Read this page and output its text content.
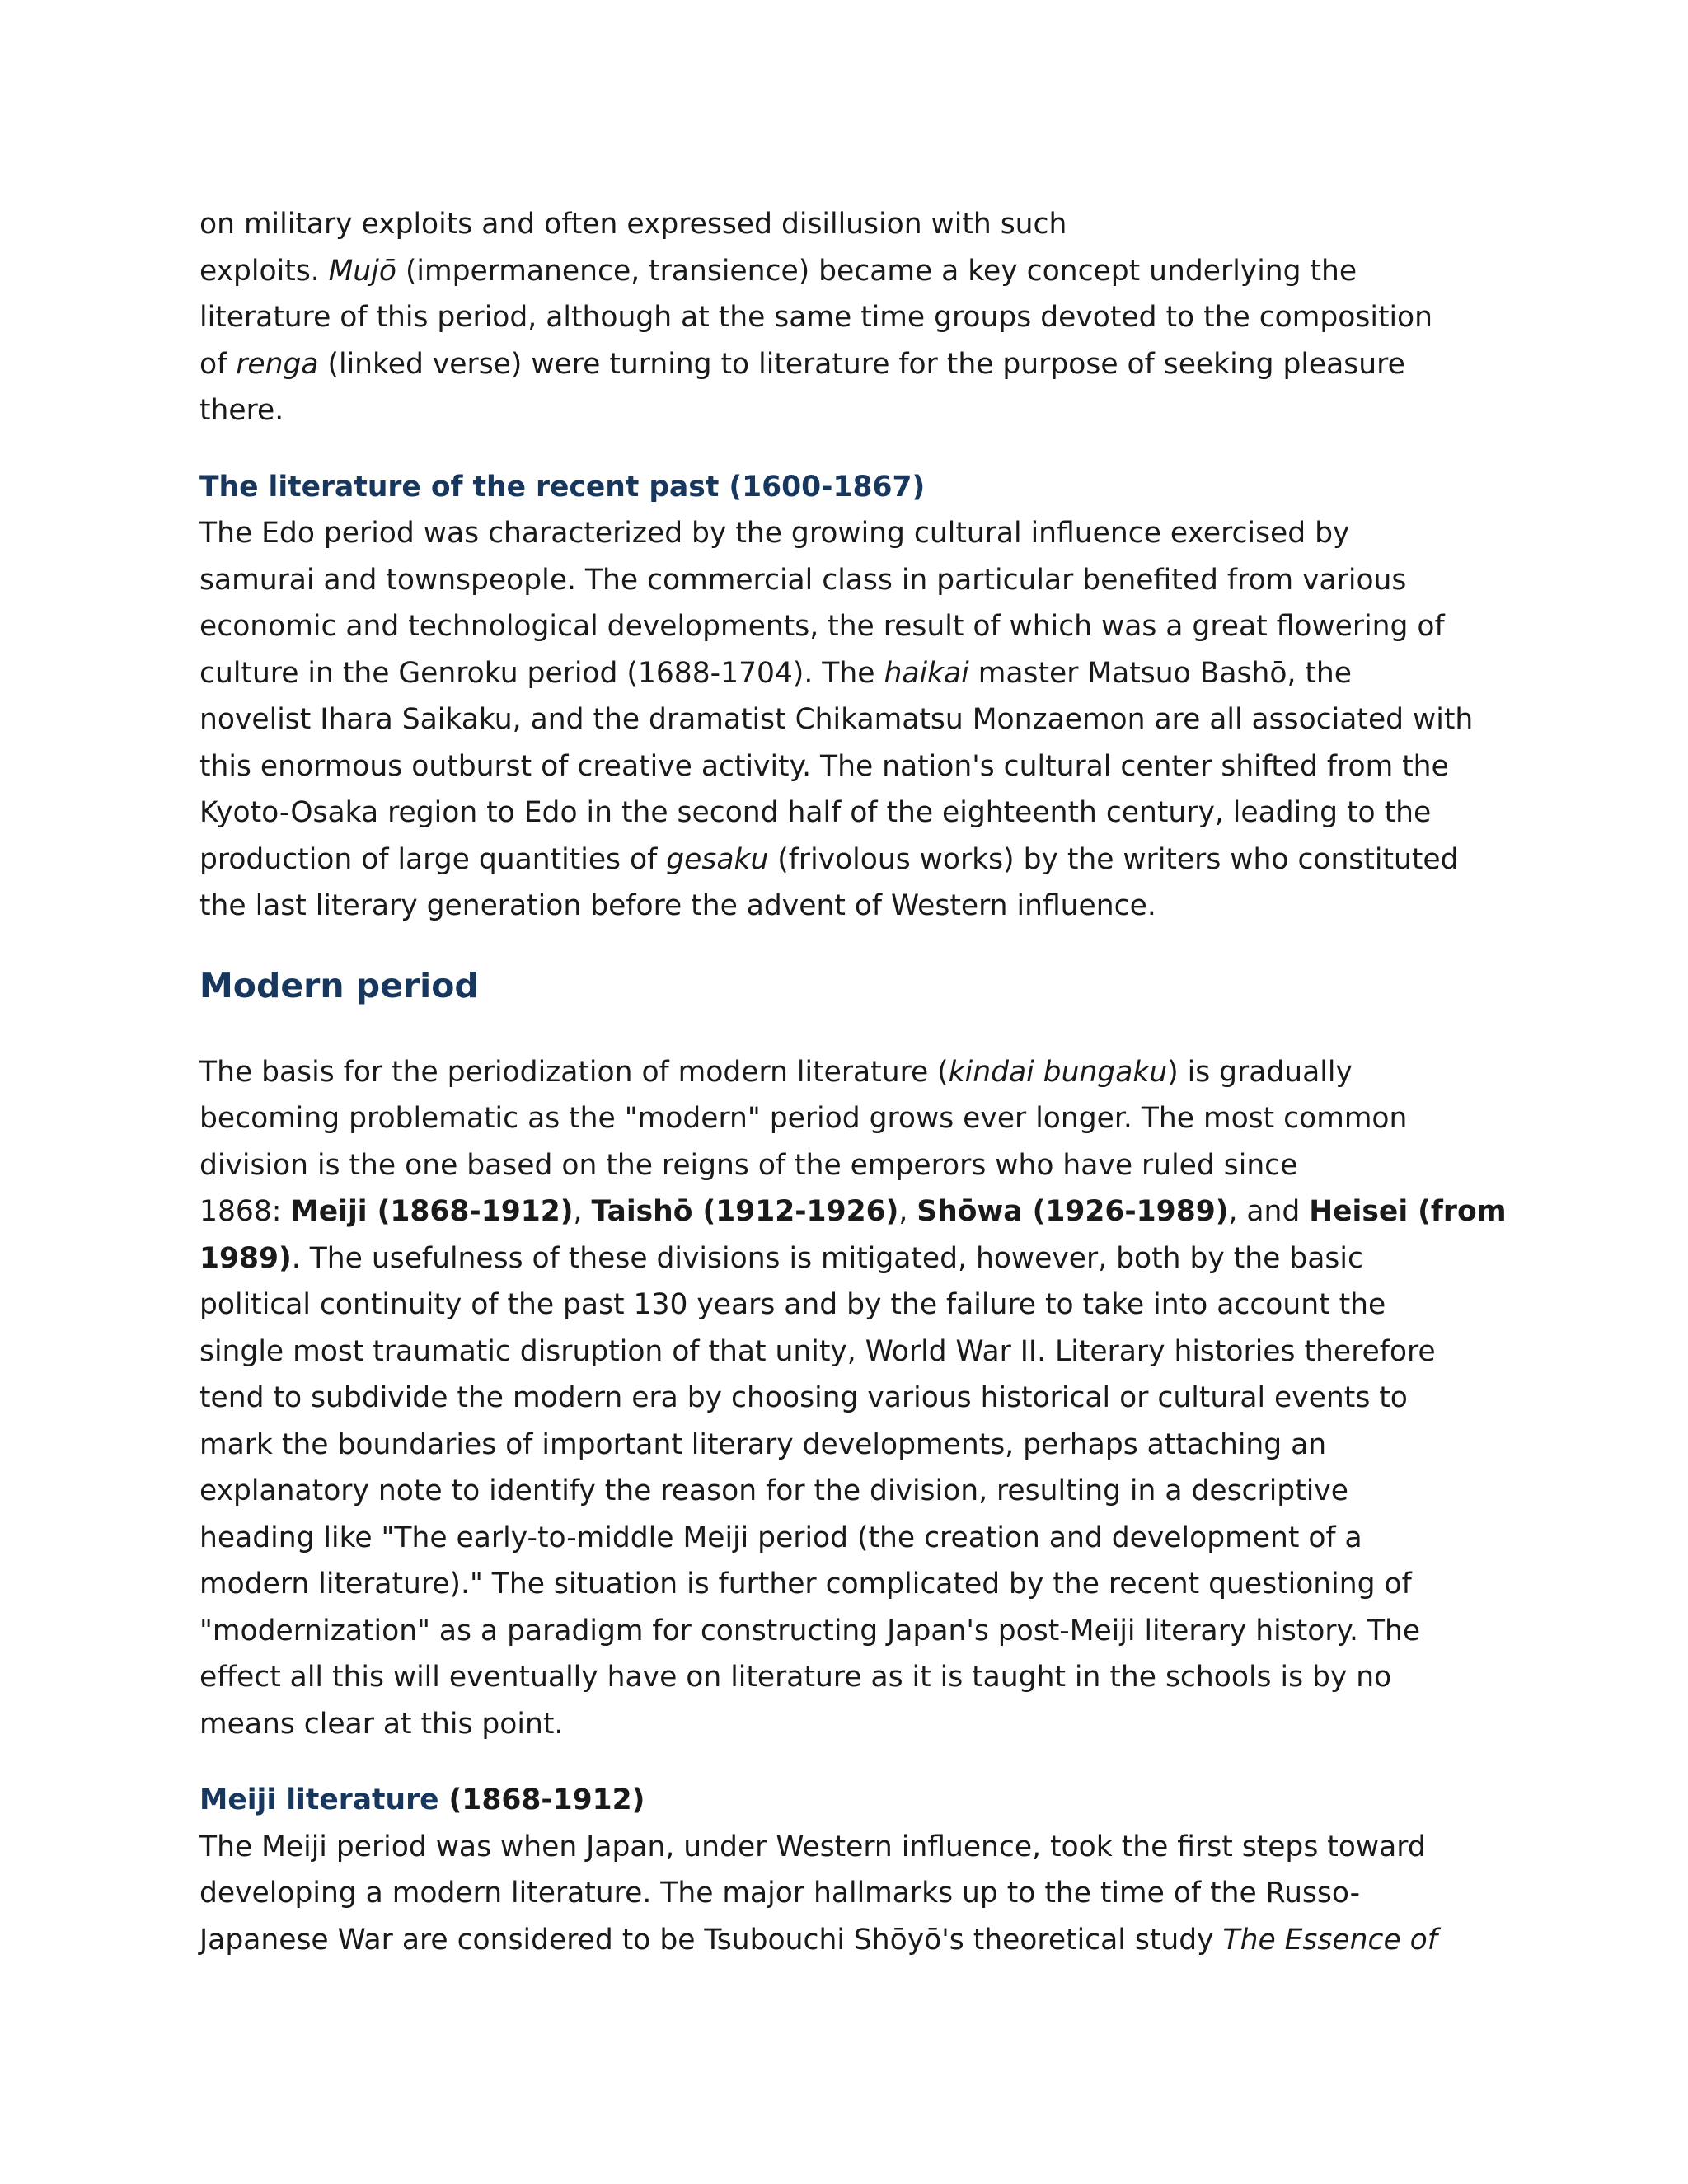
on military exploits and often expressed disillusion with such
exploits. Mujō (impermanence, transience) became a key concept underlying the
literature of this period, although at the same time groups devoted to the composition
of renga (linked verse) were turning to literature for the purpose of seeking pleasure
there.

The literature of the recent past (1600-1867)

The Edo period was characterized by the growing cultural influence exercised by
samurai and townspeople. The commercial class in particular benefited from various
economic and technological developments, the result of which was a great flowering of
culture in the Genroku period (1688-1704). The haikai master Matsuo Bashō, the
novelist Ihara Saikaku, and the dramatist Chikamatsu Monzaemon are all associated with
this enormous outburst of creative activity. The nation's cultural center shifted from the
Kyoto-Osaka region to Edo in the second half of the eighteenth century, leading to the
production of large quantities of gesaku (frivolous works) by the writers who constituted
the last literary generation before the advent of Western influence.

Modern period

The basis for the periodization of modern literature (kindai bungaku) is gradually
becoming problematic as the "modern" period grows ever longer. The most common
division is the one based on the reigns of the emperors who have ruled since
1868: Meiji (1868-1912), Taishō (1912-1926), Shōwa (1926-1989), and Heisei (from
1989). The usefulness of these divisions is mitigated, however, both by the basic
political continuity of the past 130 years and by the failure to take into account the
single most traumatic disruption of that unity, World War II. Literary histories therefore
tend to subdivide the modern era by choosing various historical or cultural events to
mark the boundaries of important literary developments, perhaps attaching an
explanatory note to identify the reason for the division, resulting in a descriptive
heading like "The early-to-middle Meiji period (the creation and development of a
modern literature)." The situation is further complicated by the recent questioning of
"modernization" as a paradigm for constructing Japan's post-Meiji literary history. The
effect all this will eventually have on literature as it is taught in the schools is by no
means clear at this point.

Meiji literature (1868-1912)

The Meiji period was when Japan, under Western influence, took the first steps toward
developing a modern literature. The major hallmarks up to the time of the Russo-
Japanese War are considered to be Tsubouchi Shōyō's theoretical study The Essence of
